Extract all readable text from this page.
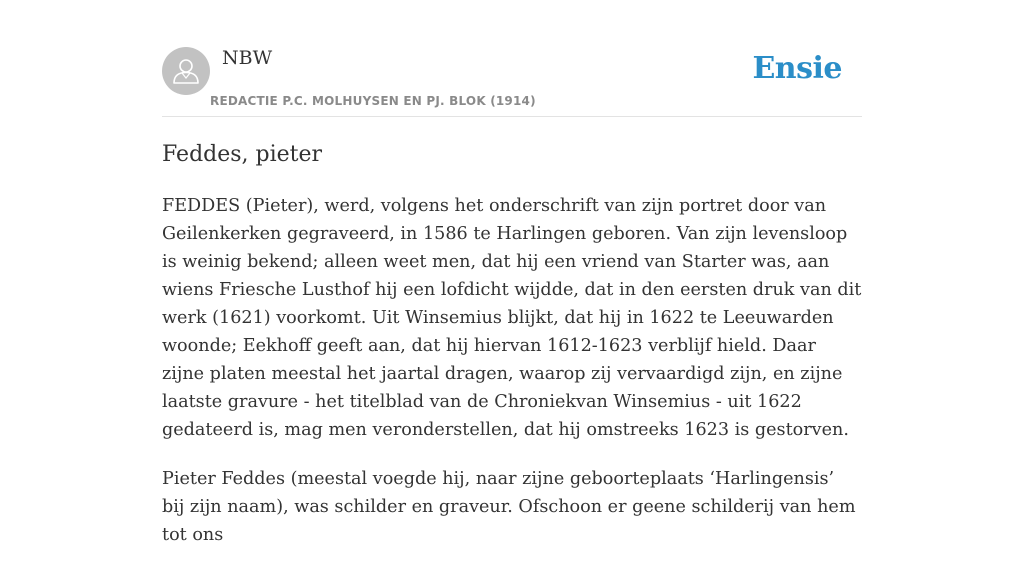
NBW
REDACTIE P.C. MOLHUYSEN EN PJ. BLOK (1914)
Ensie
Feddes, pieter

FEDDES (Pieter), werd, volgens het onderschrift van zijn portret door van Geilenkerken gegraveerd, in 1586 te Harlingen geboren. Van zijn levensloop is weinig bekend; alleen weet men, dat hij een vriend van Starter was, aan wiens Friesche Lusthof hij een lofdicht wijdde, dat in den eersten druk van dit werk (1621) voorkomt. Uit Winsemius blijkt, dat hij in 1622 te Leeuwarden woonde; Eekhoff geeft aan, dat hij hiervan 1612-1623 verblijf hield. Daar zijne platen meestal het jaartal dragen, waarop zij vervaardigd zijn, en zijne laatste gravure - het titelblad van de Chroniekvan Winsemius - uit 1622 gedateerd is, mag men veronderstellen, dat hij omstreeks 1623 is gestorven.

Pieter Feddes (meestal voegde hij, naar zijne geboorteplaats ‘Harlingensis’ bij zijn naam), was schilder en graveur. Ofschoon er geene schilderij van hem tot ons
